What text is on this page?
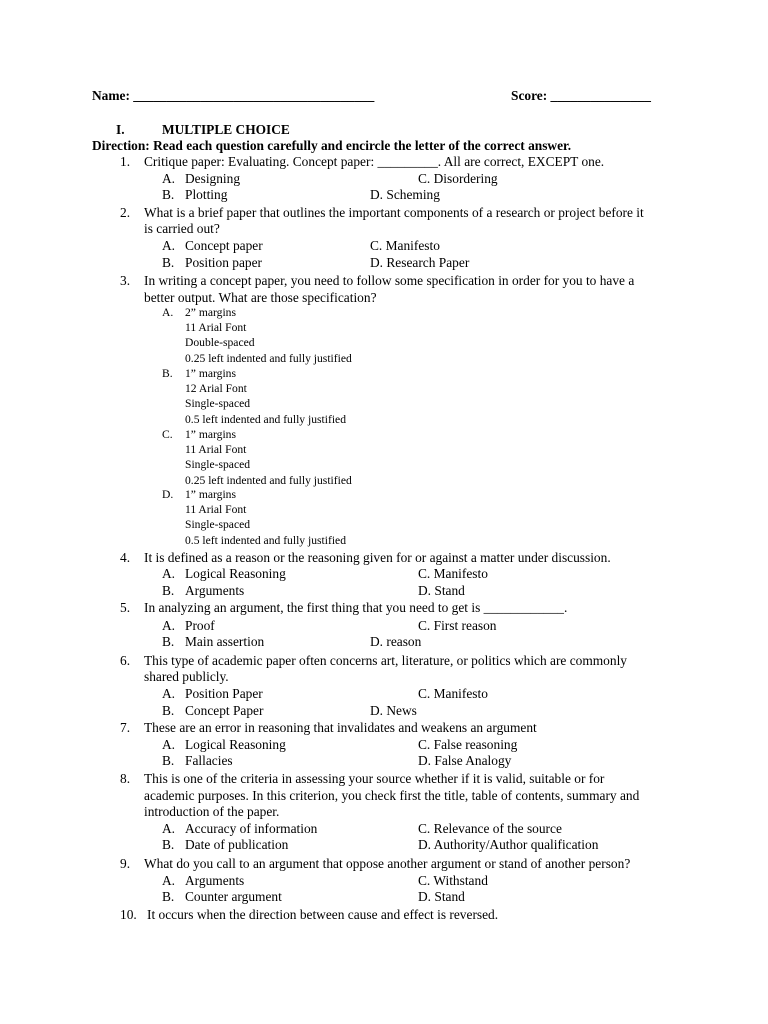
Name: ____________________________________	Score: _______________
I.	MULTIPLE CHOICE
Direction: Read each question carefully and encircle the letter of the correct answer.
1. Critique paper: Evaluating. Concept paper: _________. All are correct, EXCEPT one.
A. Designing	C. Disordering
B. Plotting	D. Scheming
2. What is a brief paper that outlines the important components of a research or project before it
is carried out?
A. Concept paper	C. Manifesto
B. Position paper	D. Research Paper
3. In writing a concept paper, you need to follow some specification in order for you to have a
better output. What are those specification?
A. 2” margins
11 Arial Font
Double-spaced
0.25 left indented and fully justified
B. 1” margins
12 Arial Font
Single-spaced
0.5 left indented and fully justified
C. 1” margins
11 Arial Font
Single-spaced
0.25 left indented and fully justified
D. 1” margins
11 Arial Font
Single-spaced
0.5 left indented and fully justified
4. It is defined as a reason or the reasoning given for or against a matter under discussion.
A. Logical Reasoning	C. Manifesto
B. Arguments	D. Stand
5. In analyzing an argument, the first thing that you need to get is ____________.
A. Proof	C. First reason
B. Main assertion	D. reason
6. This type of academic paper often concerns art, literature, or politics which are commonly
shared publicly.
A. Position Paper	C. Manifesto
B. Concept Paper	D. News
7. These are an error in reasoning that invalidates and weakens an argument
A. Logical Reasoning	C. False reasoning
B. Fallacies	D. False Analogy
8. This is one of the criteria in assessing your source whether if it is valid, suitable or for
academic purposes. In this criterion, you check first the title, table of contents, summary and
introduction of the paper.
A. Accuracy of information	C. Relevance of the source
B. Date of publication	D. Authority/Author qualification
9. What do you call to an argument that oppose another argument or stand of another person?
A. Arguments	C. Withstand
B. Counter argument	D. Stand
10. It occurs when the direction between cause and effect is reversed.
